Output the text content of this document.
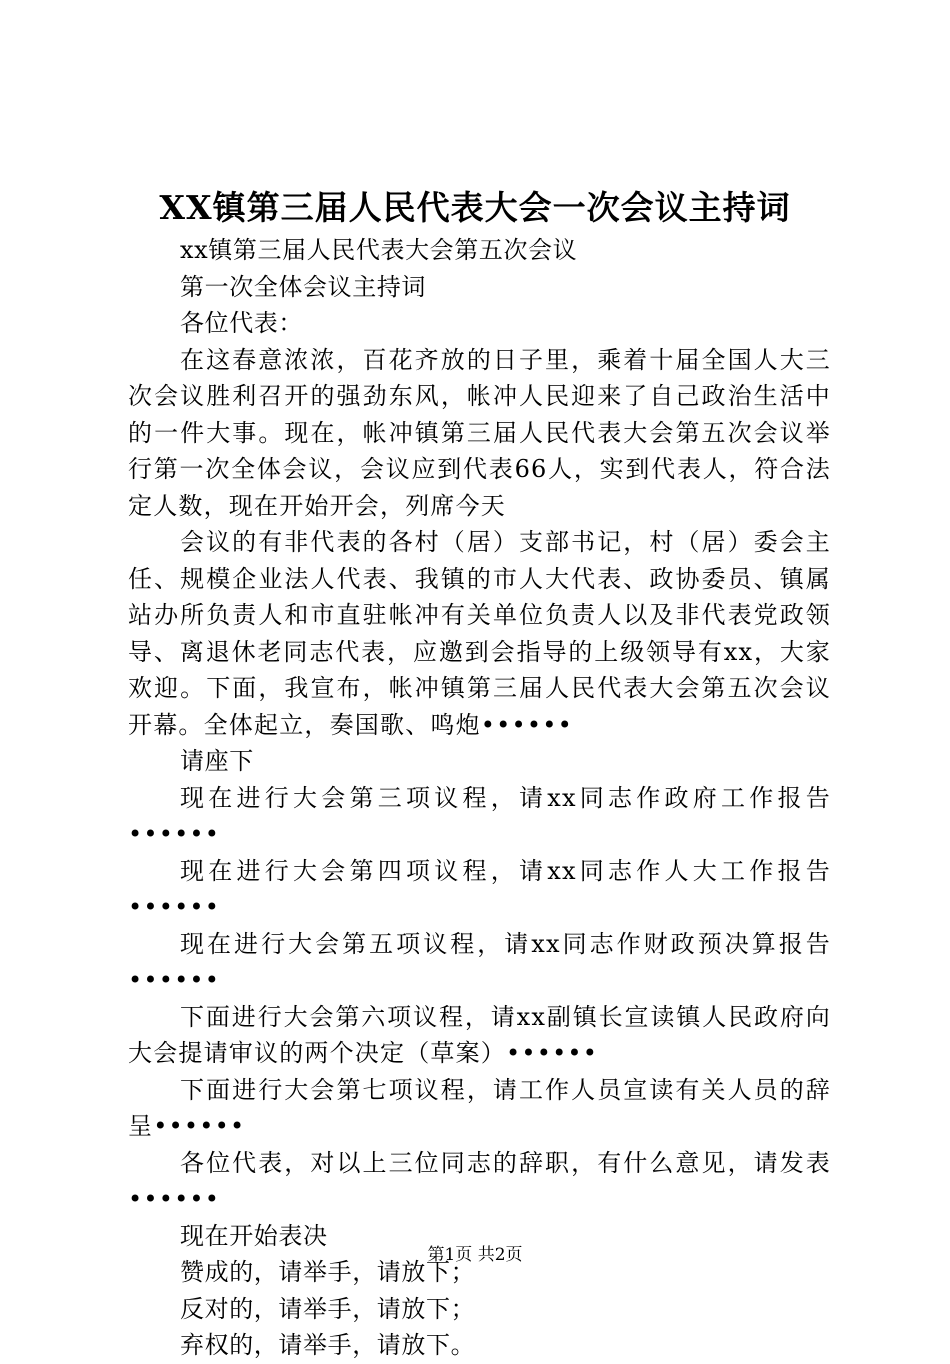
XX镇第三届人民代表大会一次会议主持词

xx镇第三届人民代表大会第五次会议

第一次全体会议主持词

各位代表：

在这春意浓浓，百花齐放的日子里，乘着十届全国人大三次会议胜利召开的强劲东风，帐冲人民迎来了自己政治生活中的一件大事。现在，帐冲镇第三届人民代表大会第五次会议举行第一次全体会议，会议应到代表66人，实到代表人，符合法定人数，现在开始开会，列席今天

会议的有非代表的各村（居）支部书记，村（居）委会主任、规模企业法人代表、我镇的市人大代表、政协委员、镇属站办所负责人和市直驻帐冲有关单位负责人以及非代表党政领导、离退休老同志代表，应邀到会指导的上级领导有xx，大家欢迎。下面，我宣布，帐冲镇第三届人民代表大会第五次会议开幕。全体起立，奏国歌、鸣炮••••••

请座下

现在进行大会第三项议程，请xx同志作政府工作报告••••••

现在进行大会第四项议程，请xx同志作人大工作报告••••••

现在进行大会第五项议程，请xx同志作财政预决算报告••••••

下面进行大会第六项议程，请xx副镇长宣读镇人民政府向大会提请审议的两个决定（草案）••••••

下面进行大会第七项议程，请工作人员宣读有关人员的辞呈••••••

各位代表，对以上三位同志的辞职，有什么意见，请发表••••••

现在开始表决

赞成的，请举手，请放下；

反对的，请举手，请放下；

弃权的，请举手，请放下。

第1页 共2页
